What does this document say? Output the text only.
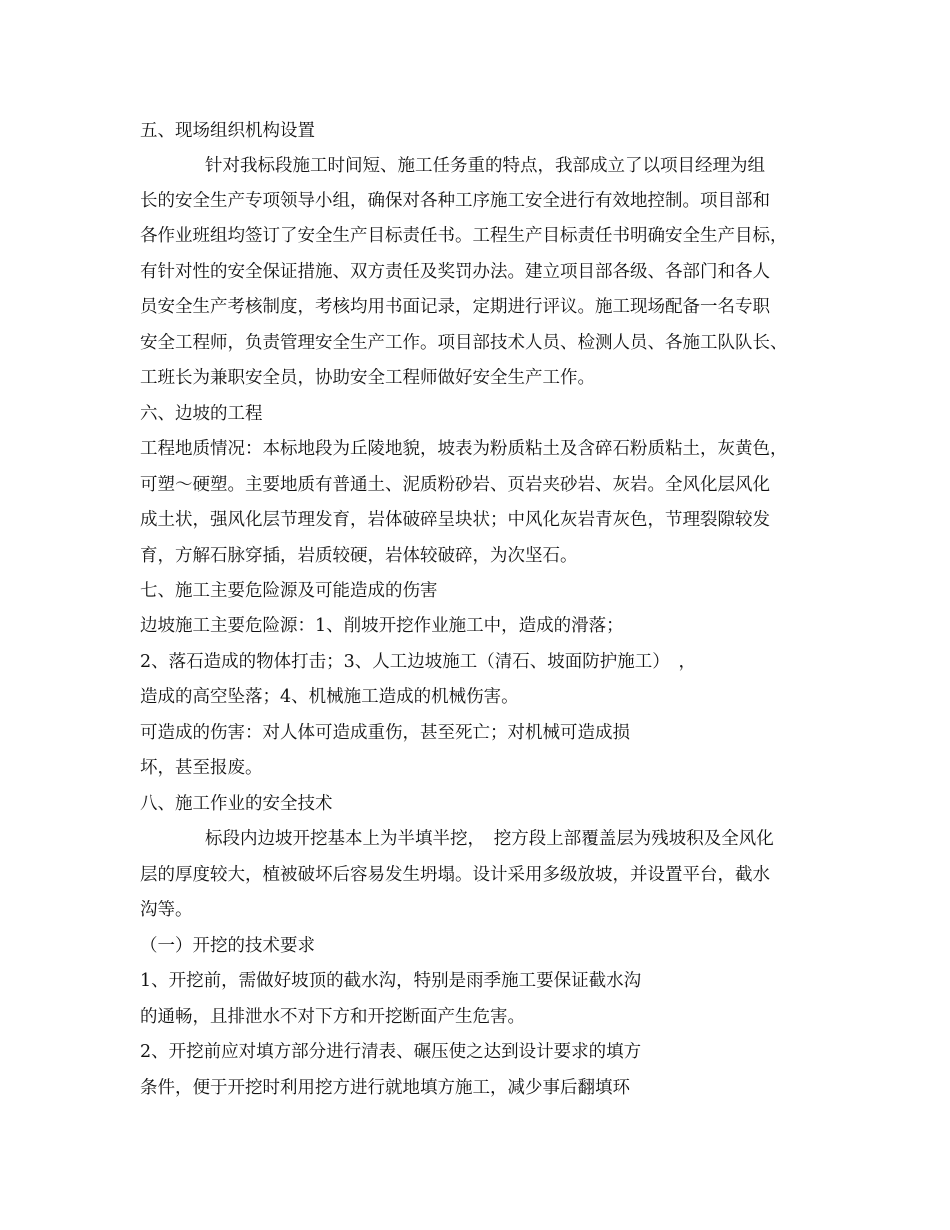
五、现场组织机构设置
针对我标段施工时间短、施工任务重的特点，我部成立了以项目经理为组
长的安全生产专项领导小组，确保对各种工序施工安全进行有效地控制。项目部和
各作业班组均签订了安全生产目标责任书。工程生产目标责任书明确安全生产目标，
有针对性的安全保证措施、双方责任及奖罚办法。建立项目部各级、各部门和各人
员安全生产考核制度，考核均用书面记录，定期进行评议。施工现场配备一名专职
安全工程师，负责管理安全生产工作。项目部技术人员、检测人员、各施工队队长、
工班长为兼职安全员，协助安全工程师做好安全生产工作。
六、边坡的工程
工程地质情况：本标地段为丘陵地貌，坡表为粉质粘土及含碎石粉质粘土，灰黄色，
可塑～硬塑。主要地质有普通土、泥质粉砂岩、页岩夹砂岩、灰岩。全风化层风化
成土状，强风化层节理发育，岩体破碎呈块状；中风化灰岩青灰色，节理裂隙较发
育，方解石脉穿插，岩质较硬，岩体较破碎，为次坚石。
七、施工主要危险源及可能造成的伤害
边坡施工主要危险源：1、削坡开挖作业施工中，造成的滑落；
2、落石造成的物体打击；3、人工边坡施工（清石、坡面防护施工）　，
造成的高空坠落；4、机械施工造成的机械伤害。
可造成的伤害：对人体可造成重伤，甚至死亡；对机械可造成损
坏，甚至报废。
八、施工作业的安全技术
标段内边坡开挖基本上为半填半挖，　挖方段上部覆盖层为残坡积及全风化
层的厚度较大，植被破坏后容易发生坍塌。设计采用多级放坡，并设置平台，截水
沟等。
（一）开挖的技术要求
1、开挖前，需做好坡顶的截水沟，特别是雨季施工要保证截水沟
的通畅，且排泄水不对下方和开挖断面产生危害。
2、开挖前应对填方部分进行清表、碾压使之达到设计要求的填方
条件，便于开挖时利用挖方进行就地填方施工，减少事后翻填环
